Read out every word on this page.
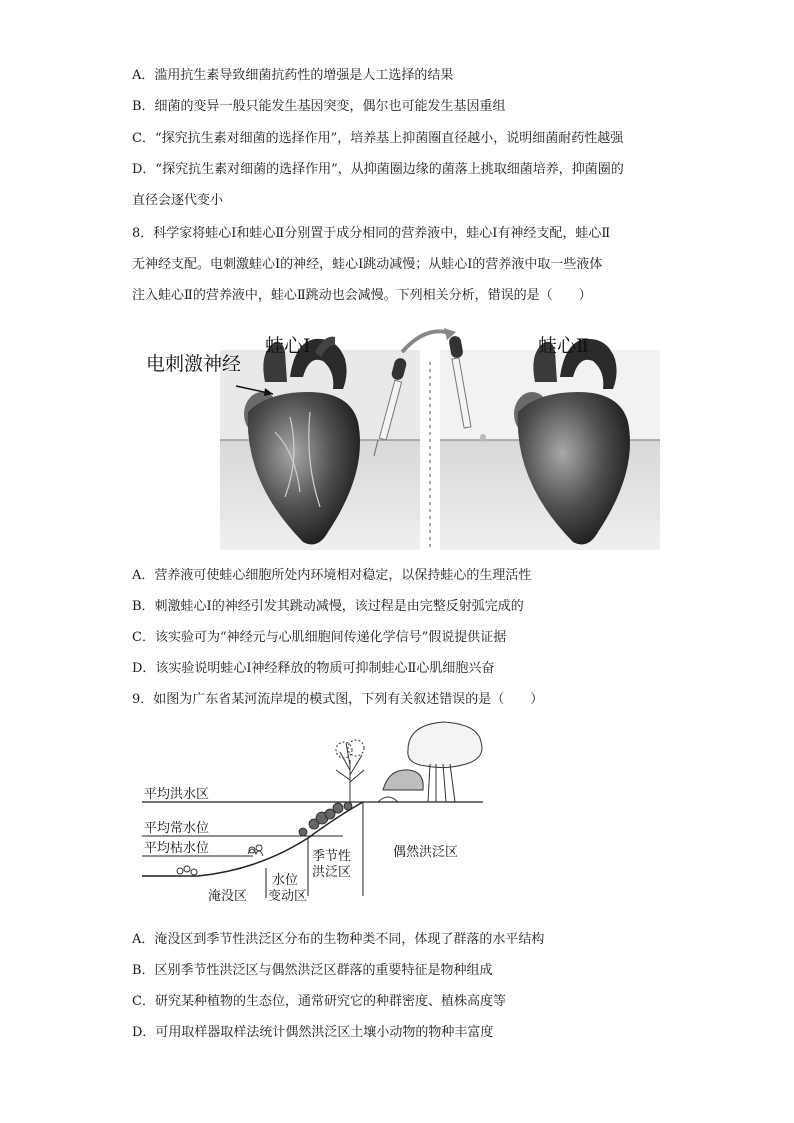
A．滥用抗生素导致细菌抗药性的增强是人工选择的结果
B．细菌的变异一般只能发生基因突变，偶尔也可能发生基因重组
C．“探究抗生素对细菌的选择作用”，培养基上抑菌圈直径越小，说明细菌耐药性越强
D．“探究抗生素对细菌的选择作用”，从抑菌圈边缘的菌落上挑取细菌培养，抑菌圈的
直径会逐代变小
8．科学家将蛙心Ⅰ和蛙心Ⅱ分别置于成分相同的营养液中，蛙心Ⅰ有神经支配，蛙心Ⅱ
无神经支配。电刺激蛙心Ⅰ的神经，蛙心Ⅰ跳动减慢；从蛙心Ⅰ的营养液中取一些液体
注入蛙心Ⅱ的营养液中，蛙心Ⅱ跳动也会减慢。下列相关分析，错误的是（　　）
电刺激神经
蛙心Ⅰ	蛙心Ⅱ
A．营养液可使蛙心细胞所处内环境相对稳定，以保持蛙心的生理活性
B．刺激蛙心Ⅰ的神经引发其跳动减慢，该过程是由完整反射弧完成的
C．该实验可为“神经元与心肌细胞间传递化学信号”假说提供证据
D．该实验说明蛙心Ⅰ神经释放的物质可抑制蛙心Ⅱ心肌细胞兴奋
9．如图为广东省某河流岸堤的模式图，下列有关叙述错误的是（　　）
平均洪水区
平均常水位
平均枯水位
淹没区
水位
变动区
季节性
洪泛区
偶然洪泛区
A．淹没区到季节性洪泛区分布的生物种类不同，体现了群落的水平结构
B．区别季节性洪泛区与偶然洪泛区群落的重要特征是物种组成
C．研究某种植物的生态位，通常研究它的种群密度、植株高度等
D．可用取样器取样法统计偶然洪泛区土壤小动物的物种丰富度
